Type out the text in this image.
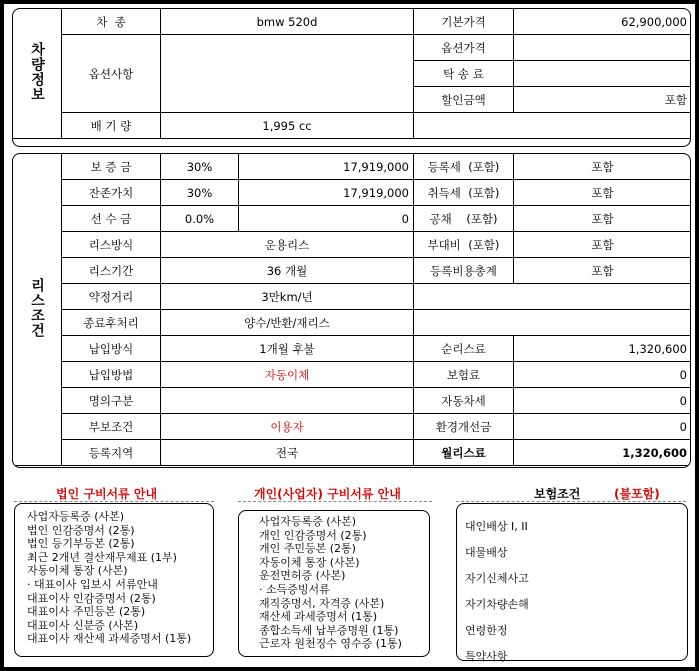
차량정보	차  종	bmw 520d	기본가격	62,900,000
	옵션사항		옵션가격	
			탁 송 료	
			할인금액	포함
	배 기 량	1,995 cc		
리스조건	보 증 금	30%	17,919,000	등록세  (포함)	포함
	잔존가치	30%	17,919,000	취득세  (포함)	포함
	선 수 금	0.0%	0	공채    (포함)	포함
	리스방식	운용리스		부대비  (포함)	포함
	리스기간	36 개월		등록비용총계	포함
	약정거리	3만km/년			
	종료후처리	양수/반환/재리스			
	납입방식	1개월 후불		순리스료	1,320,600
	납입방법	자동이체		보험료	0
	명의구분			자동차세	0
	부보조건	이용자		환경개선금	0
	등록지역	전국		월리스료	1,320,600
법인 구비서류 안내
사업자등록증 (사본)
법인 인감증명서 (2통)
법인 등기부등본 (2통)
최근 2개년 결산재무제표 (1부)
자동이체 통장 (사본)
· 대표이사 입보시 서류안내
대표이사 인감증명서 (2통)
대표이사 주민등본 (2통)
대표이사 신분증 (사본)
대표이사 재산세 과세증명서 (1통)
개인(사업자) 구비서류 안내
사업자등록증 (사본)
개인 인감증명서 (2통)
개인 주민등본 (2통)
자동이체 통장 (사본)
운전면허증 (사본)
· 소득증빙서류
재직증명서, 자격증 (사본)
재산세 과세증명서 (1통)
종합소득세 납부증명원 (1통)
근로자 원천징수 영수증 (1통)
보험조건	(불포함)
대인배상 I, II
대물배상
자기신체사고
자기차량손해
연령한정
특약사항
